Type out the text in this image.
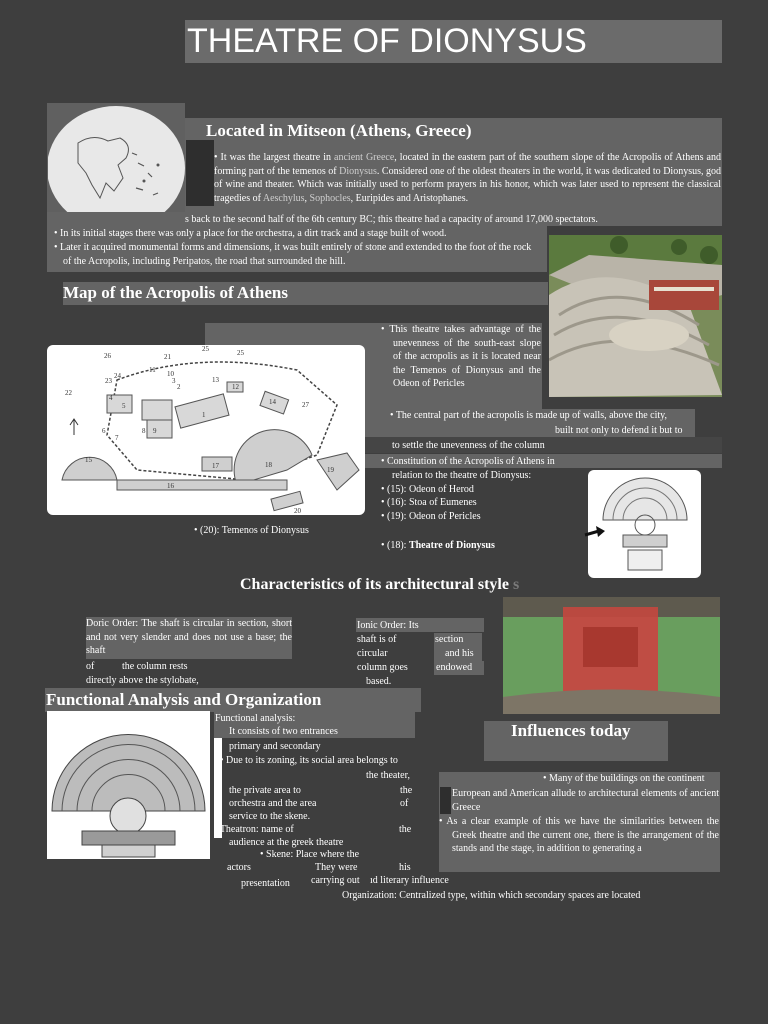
THEATRE OF DIONYSUS
Located in Mitseon (Athens, Greece)
• It was the largest theatre in ancient Greece, located in the eastern part of the southern slope of the Acropolis of Athens and forming part of the temenos of Dionysus. Considered one of the oldest theaters in the world, it was dedicated to Dionysus, god of wine and theater. Which was initially used to perform prayers in his honor, which was later used to represent the classical tragedies of Aeschylus, Sophocles, Euripides and Aristophanes.
s back to the second half of the 6th century BC; this theatre had a capacity of around 17,000 spectators.
• In its initial stages there was only a place for the orchestra, a dirt track and a stage built of wood.
• Later it acquired monumental forms and dimensions, it was built entirely of stone and extended to the foot of the rock of the Acropolis, including Peripatos, the road that surrounded the hill.
Map of the Acropolis of Athens
• This theatre takes advantage of the unevenness of the south-east slope of the acropolis as it is located near the Temenos of Dionysus and the Odeon of Pericles
• The central part of the acropolis is made up of walls, above the city,
built not only to defend it but to
to settle the unevenness of the column
• Constitution of the Acropolis of Athens in
relation to the theatre of Dionysus:
• (15): Odeon of Herod
• (16): Stoa of Eumenes
• (19): Odeon of Pericles
• (18): Theatre of Dionysus
• (20): Temenos of Dionysus
26	21
25	25
22
23
24
11 10
3
2	12
13
4	14	27
5
1
7
8 9
6
17	18
19
15
16
20
Characteristics of its architectural style s
Doric Order: The shaft is circular in section, short and not very slender and does not use a base; the shaft
of	the column rests
directly above the stylobate,
Ionic Order: Its
shaft is of	section
circular	and his
column goes	endowed
based.
Functional Analysis and Organization
Functional analysis:
It consists of two entrances
primary and secondary
• Due to its zoning, its social area belongs to
the theater,
the private area to	the
orchestra and the area	of
service to the skene.
• Theatron: name of	the
audience at the greek theatre
• Skene: Place where the
actors	They were	his
presentation carrying out ıd literary influence
Organization: Centralized type, within which secondary spaces are located
Influences today
• Many of the buildings on the continent
European and American allude to architectural elements of ancient Greece
• As a clear example of this we have the similarities between the Greek theatre and the current one, there is the arrangement of the stands and the stage, in addition to generating a
